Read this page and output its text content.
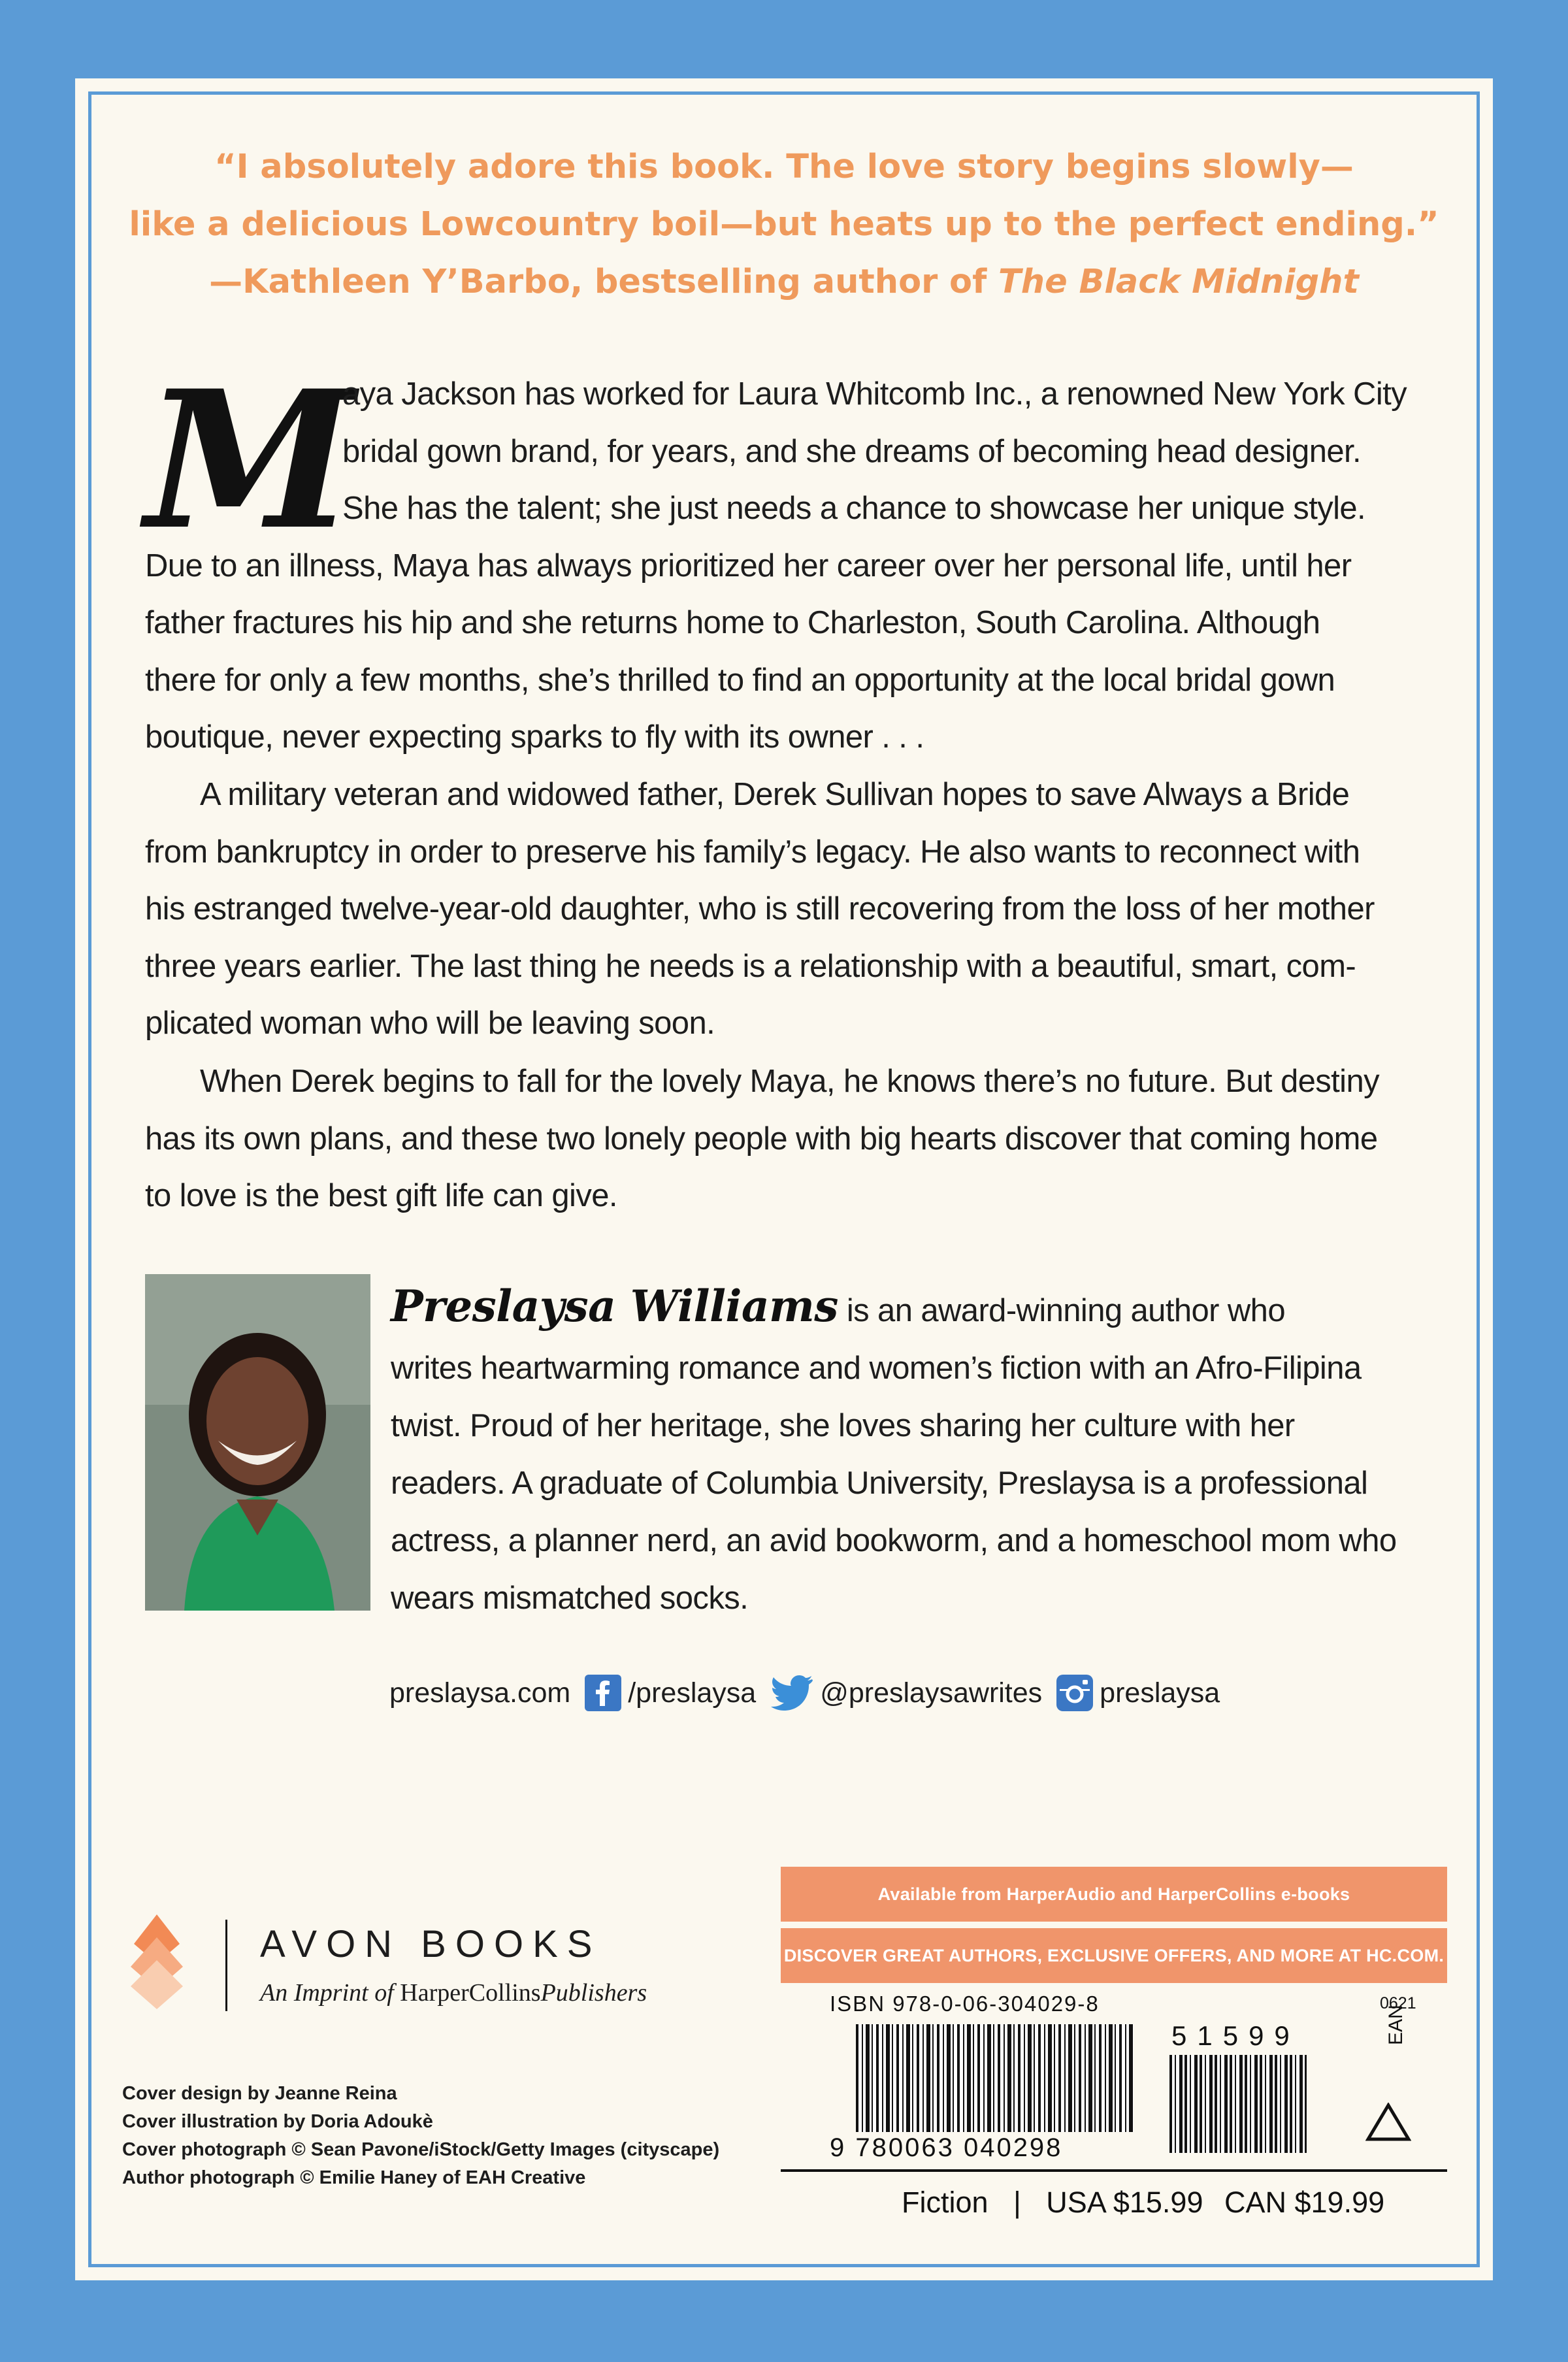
“I absolutely adore this book. The love story begins slowly—
like a delicious Lowcountry boil—but heats up to the perfect ending.”
—Kathleen Y’Barbo, bestselling author of The Black Midnight
M
aya Jackson has worked for Laura Whitcomb Inc., a renowned New York City
bridal gown brand, for years, and she dreams of becoming head designer.
She has the talent; she just needs a chance to showcase her unique style.
Due to an illness, Maya has always prioritized her career over her personal life, until her
father fractures his hip and she returns home to Charleston, South Carolina. Although
there for only a few months, she’s thrilled to find an opportunity at the local bridal gown
boutique, never expecting sparks to fly with its owner . . .
A military veteran and widowed father, Derek Sullivan hopes to save Always a Bride
from bankruptcy in order to preserve his family’s legacy. He also wants to reconnect with
his estranged twelve-year-old daughter, who is still recovering from the loss of her mother
three years earlier. The last thing he needs is a relationship with a beautiful, smart, com-
plicated woman who will be leaving soon.
When Derek begins to fall for the lovely Maya, he knows there’s no future. But destiny
has its own plans, and these two lonely people with big hearts discover that coming home
to love is the best gift life can give.
Preslaysa Williams is an award-winning author who
writes heartwarming romance and women’s fiction with an Afro-Filipina
twist. Proud of her heritage, she loves sharing her culture with her
readers. A graduate of Columbia University, Preslaysa is a professional
actress, a planner nerd, an avid bookworm, and a homeschool mom who
wears mismatched socks.
preslaysa.com /preslaysa @preslaysawrites preslaysa
AVON BOOKS
An Imprint of HarperCollinsPublishers
Cover design by Jeanne Reina
Cover illustration by Doria Adoukè
Cover photograph © Sean Pavone/iStock/Getty Images (cityscape)
Author photograph © Emilie Haney of EAH Creative
Available from HarperAudio and HarperCollins e-books
DISCOVER GREAT AUTHORS, EXCLUSIVE OFFERS, AND MORE AT HC.COM.
ISBN 978-0-06-304029-8	0621
9 780063 040298
51599	EAN
Fiction | USA $15.99 CAN $19.99
